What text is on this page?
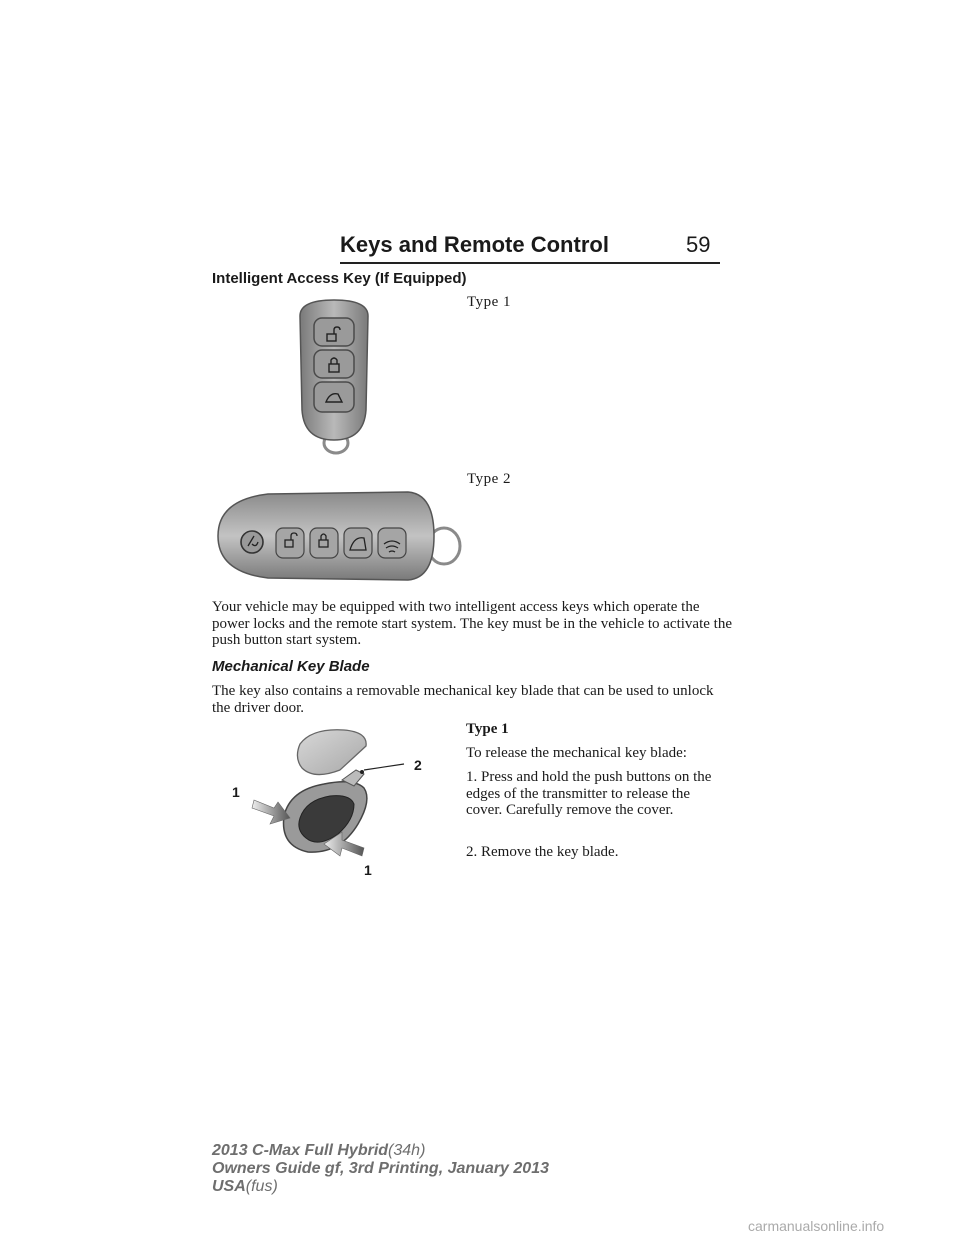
Keys and Remote Control	59
Intelligent Access Key (If Equipped)
Type 1
Type 2
Your vehicle may be equipped with two intelligent access keys which operate the power locks and the remote start system. The key must be in the vehicle to activate the push button start system.
Mechanical Key Blade
The key also contains a removable mechanical key blade that can be used to unlock the driver door.
1
2
1
Type 1
To release the mechanical key blade:
1. Press and hold the push buttons on the edges of the transmitter to release the cover. Carefully remove the cover.
2. Remove the key blade.
2013 C-Max Full Hybrid(34h)
Owners Guide gf, 3rd Printing, January 2013
USA(fus)
carmanualsonline.info
